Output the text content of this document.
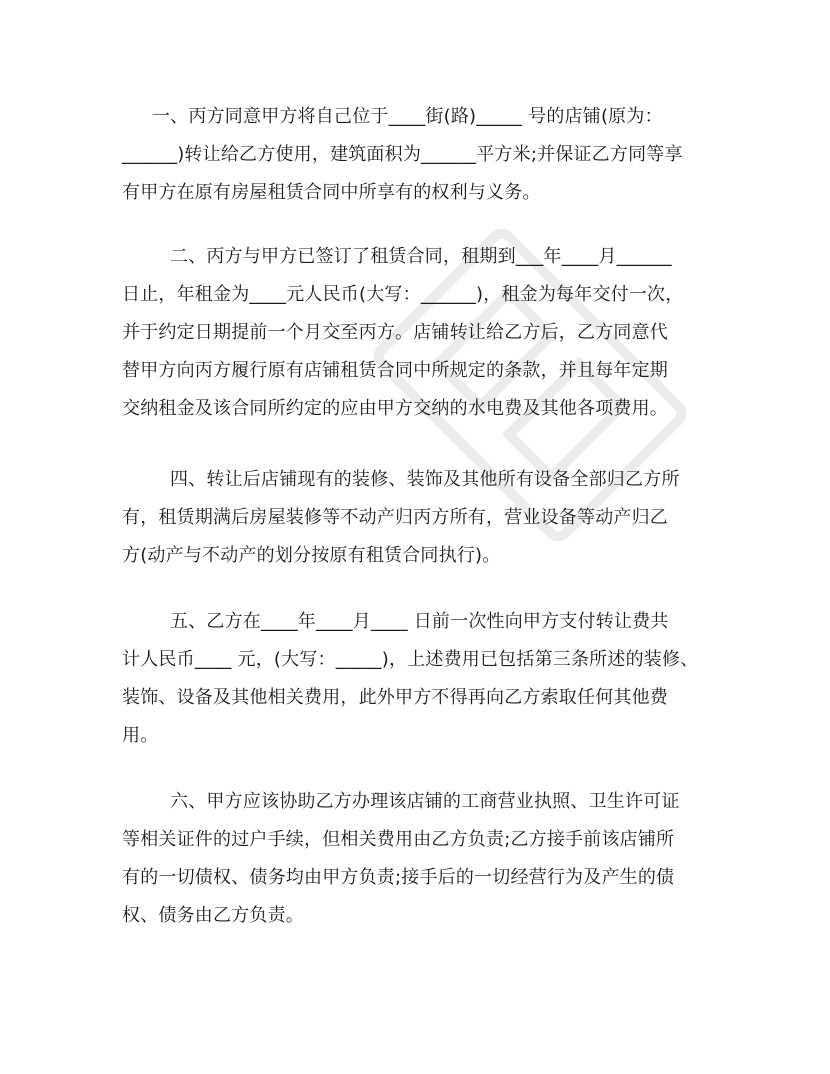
一、丙方同意甲方将自己位于____街(路)_____ 号的店铺(原为：
______)转让给乙方使用，建筑面积为______平方米;并保证乙方同等享
有甲方在原有房屋租赁合同中所享有的权利与义务。
二、丙方与甲方已签订了租赁合同，租期到___年____月______
日止，年租金为____元人民币(大写：______)，租金为每年交付一次，
并于约定日期提前一个月交至丙方。店铺转让给乙方后，乙方同意代
替甲方向丙方履行原有店铺租赁合同中所规定的条款，并且每年定期
交纳租金及该合同所约定的应由甲方交纳的水电费及其他各项费用。
四、转让后店铺现有的装修、装饰及其他所有设备全部归乙方所
有，租赁期满后房屋装修等不动产归丙方所有，营业设备等动产归乙
方(动产与不动产的划分按原有租赁合同执行)。
五、乙方在____年____月____ 日前一次性向甲方支付转让费共
计人民币____ 元，(大写：_____)，上述费用已包括第三条所述的装修、
装饰、设备及其他相关费用，此外甲方不得再向乙方索取任何其他费
用。
六、甲方应该协助乙方办理该店铺的工商营业执照、卫生许可证
等相关证件的过户手续，但相关费用由乙方负责;乙方接手前该店铺所
有的一切债权、债务均由甲方负责;接手后的一切经营行为及产生的债
权、债务由乙方负责。
